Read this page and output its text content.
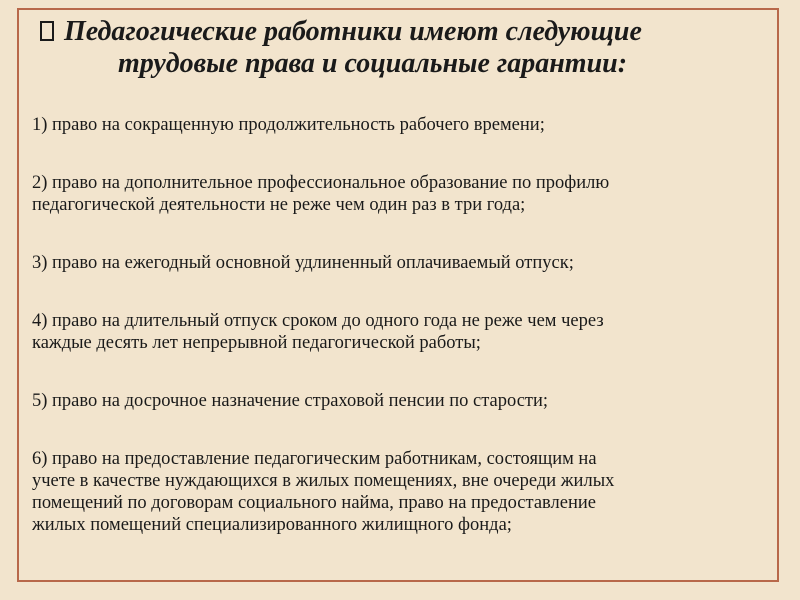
Педагогические работники имеют следующие
трудовые права и социальные гарантии:
1) право на сокращенную продолжительность рабочего времени;
2) право на дополнительное профессиональное образование по профилю
педагогической деятельности не реже чем один раз в три года;
3) право на ежегодный основной удлиненный оплачиваемый отпуск;
4) право на длительный отпуск сроком до одного года не реже чем через
каждые десять лет непрерывной педагогической работы;
5) право на досрочное назначение страховой пенсии по старости;
6) право на предоставление педагогическим работникам, состоящим на
учете в качестве нуждающихся в жилых помещениях, вне очереди жилых
помещений по договорам социального найма, право на предоставление
жилых помещений специализированного жилищного фонда;
